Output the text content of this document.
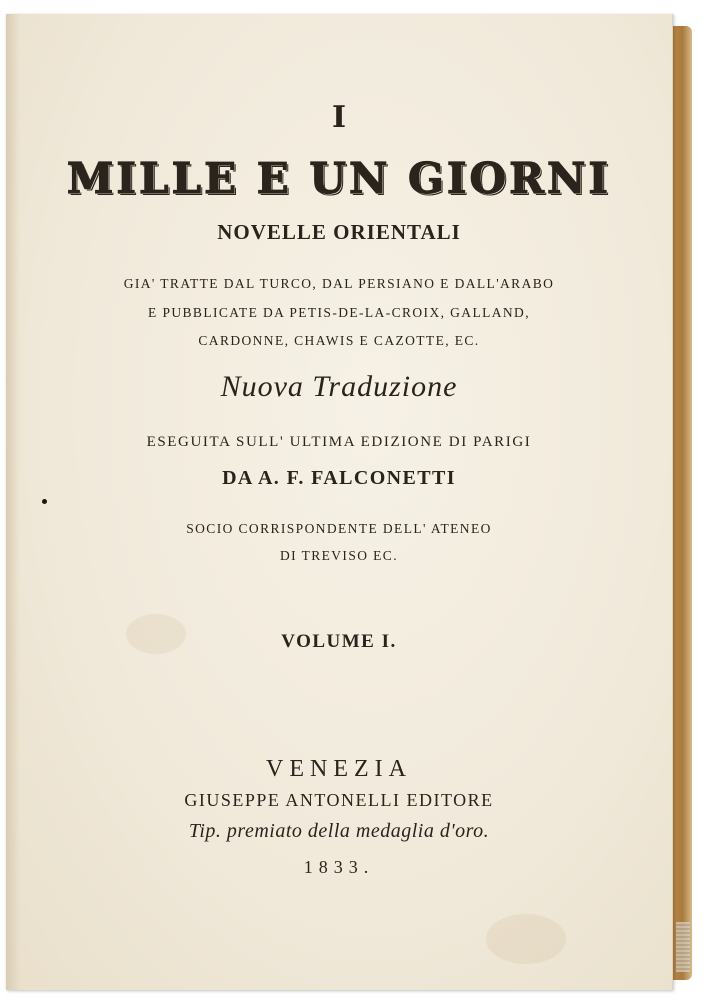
I
MILLE E UN GIORNI
NOVELLE ORIENTALI
GIA' TRATTE DAL TURCO, DAL PERSIANO E DALL'ARABO
E PUBBLICATE DA PETIS-DE-LA-CROIX, GALLAND,
CARDONNE, CHAWIS E CAZOTTE, EC.
Nuova Traduzione
ESEGUITA SULL' ULTIMA EDIZIONE DI PARIGI
DA A. F. FALCONETTI
SOCIO CORRISPONDENTE DELL' ATENEO
DI TREVISO EC.
VOLUME I.
VENEZIA
GIUSEPPE ANTONELLI EDITORE
Tip. premiato della medaglia d'oro.
1833.
